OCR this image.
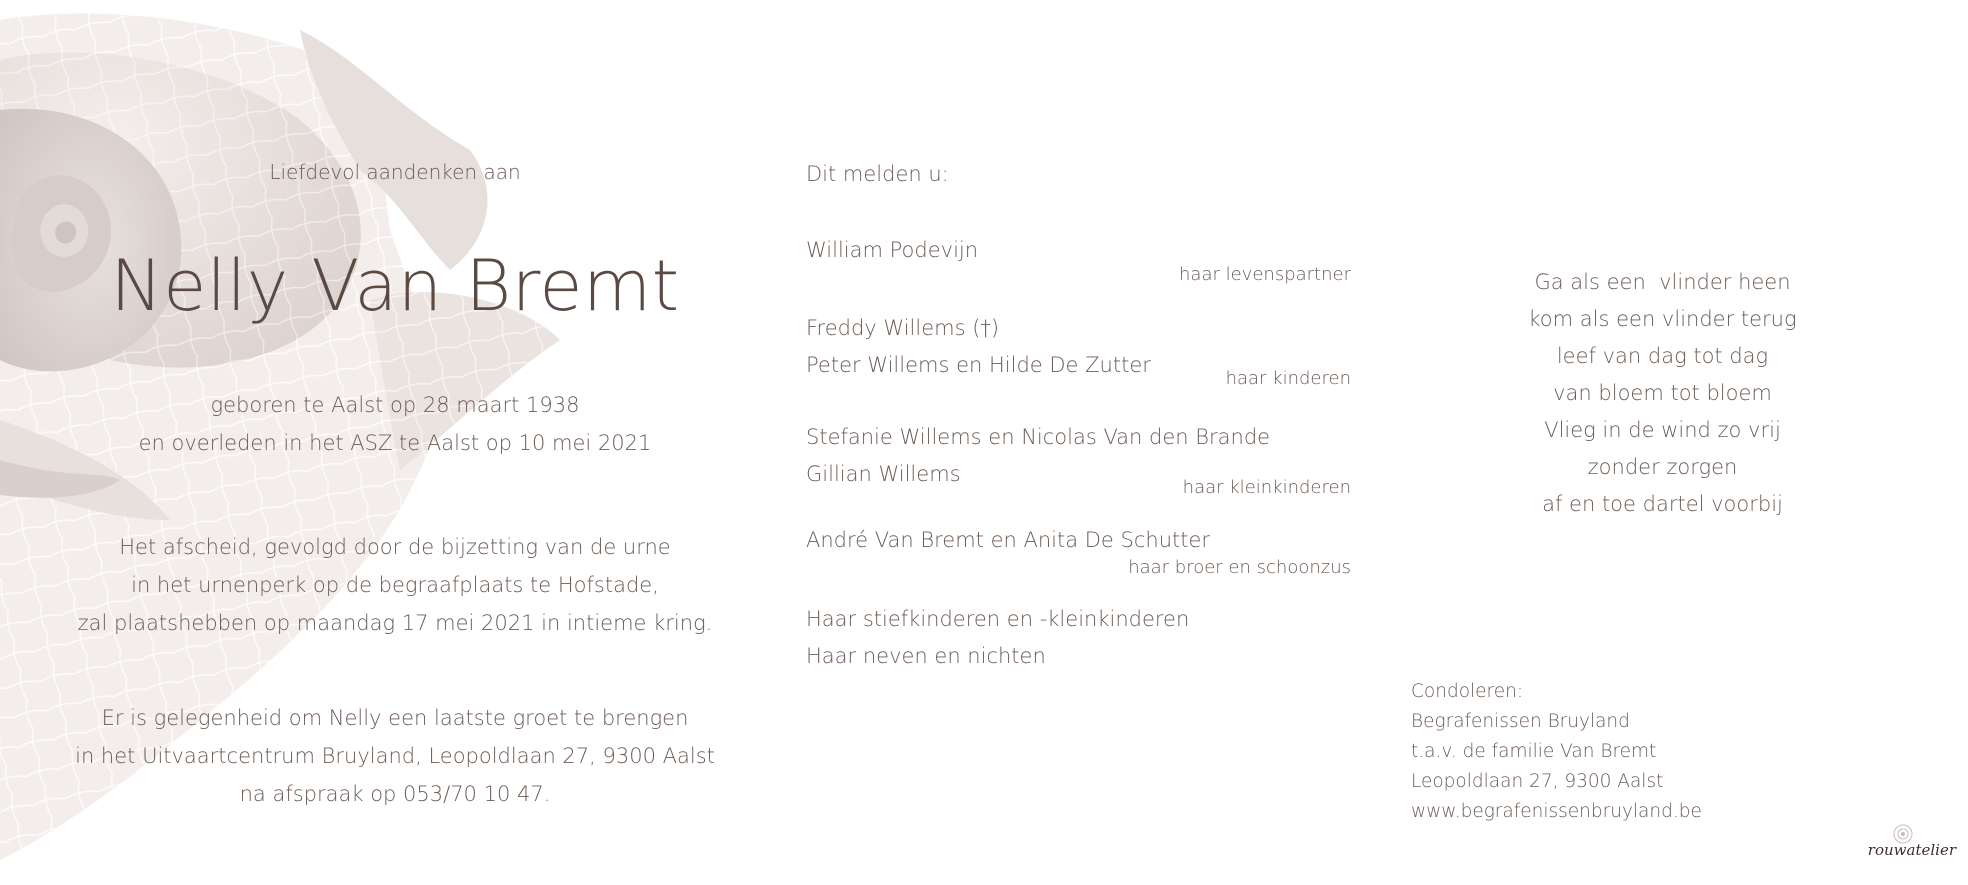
Liefdevol aandenken aan
Nelly Van Bremt
geboren te Aalst op 28 maart 1938
en overleden in het ASZ te Aalst op 10 mei 2021
Het afscheid, gevolgd door de bijzetting van de urne
in het urnenperk op de begraafplaats te Hofstade,
zal plaatshebben op maandag 17 mei 2021 in intieme kring.
Er is gelegenheid om Nelly een laatste groet te brengen
in het Uitvaartcentrum Bruyland, Leopoldlaan 27, 9300 Aalst
na afspraak op 053/70 10 47.
Dit melden u:
William Podevijn
haar levenspartner
Freddy Willems (†)
Peter Willems en Hilde De Zutter
haar kinderen
Stefanie Willems en Nicolas Van den Brande
Gillian Willems
haar kleinkinderen
André Van Bremt en Anita De Schutter
haar broer en schoonzus
Haar stiefkinderen en -kleinkinderen
Haar neven en nichten
Ga als een  vlinder heen
kom als een vlinder terug
leef van dag tot dag
van bloem tot bloem
Vlieg in de wind zo vrij
zonder zorgen
af en toe dartel voorbij
Condoleren:
Begrafenissen Bruyland
t.a.v. de familie Van Bremt
Leopoldlaan 27, 9300 Aalst
www.begrafenissenbruyland.be
rouwatelier
